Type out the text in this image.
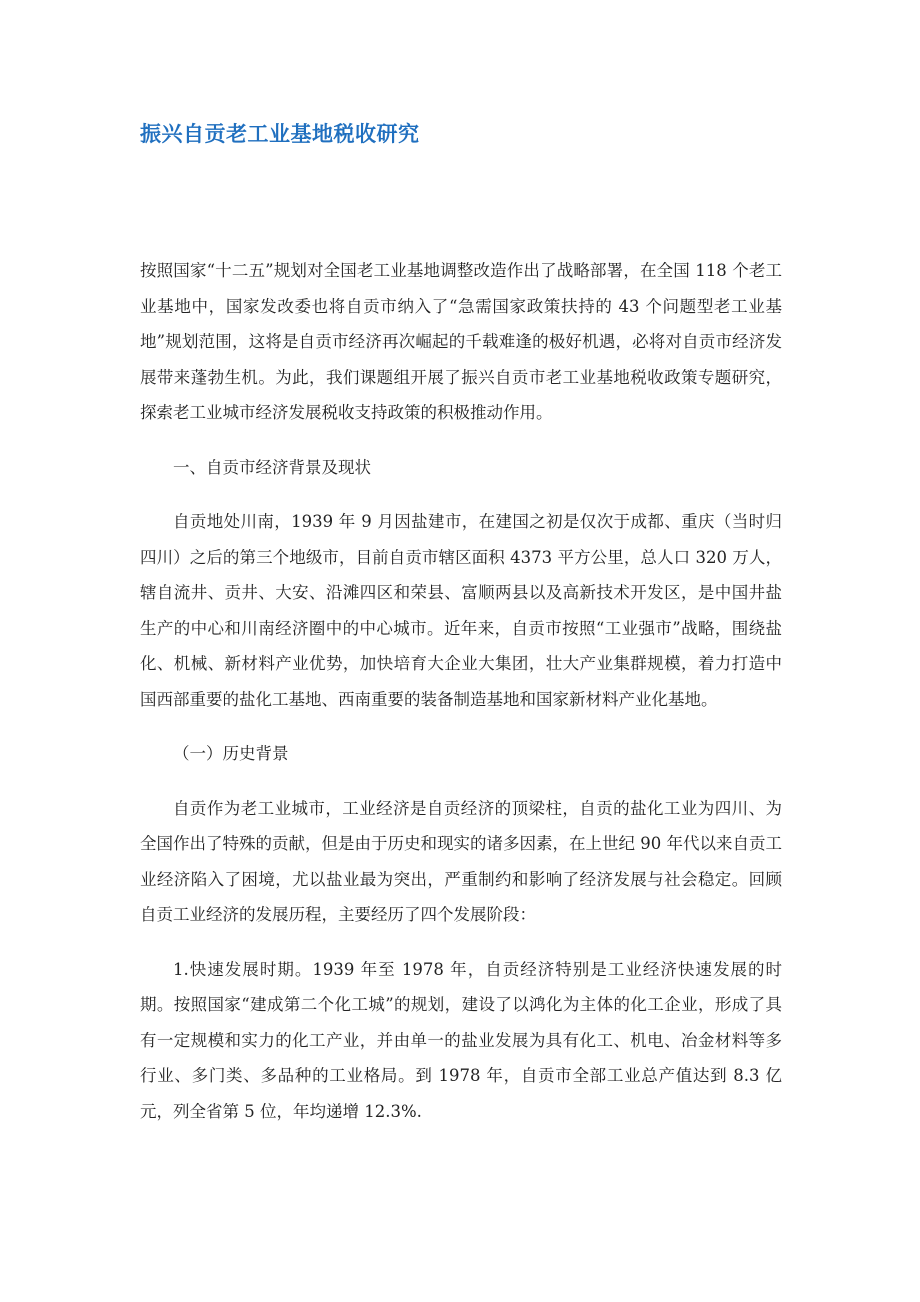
振兴自贡老工业基地税收研究

按照国家“十二五”规划对全国老工业基地调整改造作出了战略部署，在全国 118 个老工业基地中，国家发改委也将自贡市纳入了“急需国家政策扶持的 43 个问题型老工业基地”规划范围，这将是自贡市经济再次崛起的千载难逢的极好机遇，必将对自贡市经济发展带来蓬勃生机。为此，我们课题组开展了振兴自贡市老工业基地税收政策专题研究，探索老工业城市经济发展税收支持政策的积极推动作用。

一、自贡市经济背景及现状

自贡地处川南，1939 年 9 月因盐建市，在建国之初是仅次于成都、重庆（当时归四川）之后的第三个地级市，目前自贡市辖区面积 4373 平方公里，总人口 320 万人，辖自流井、贡井、大安、沿滩四区和荣县、富顺两县以及高新技术开发区，是中国井盐生产的中心和川南经济圈中的中心城市。近年来，自贡市按照“工业强市”战略，围绕盐化、机械、新材料产业优势，加快培育大企业大集团，壮大产业集群规模，着力打造中国西部重要的盐化工基地、西南重要的装备制造基地和国家新材料产业化基地。

（一）历史背景

自贡作为老工业城市，工业经济是自贡经济的顶梁柱，自贡的盐化工业为四川、为全国作出了特殊的贡献，但是由于历史和现实的诸多因素，在上世纪 90 年代以来自贡工业经济陷入了困境，尤以盐业最为突出，严重制约和影响了经济发展与社会稳定。回顾自贡工业经济的发展历程，主要经历了四个发展阶段：

1.快速发展时期。1939 年至 1978 年，自贡经济特别是工业经济快速发展的时期。按照国家“建成第二个化工城”的规划，建设了以鸿化为主体的化工企业，形成了具有一定规模和实力的化工产业，并由单一的盐业发展为具有化工、机电、冶金材料等多行业、多门类、多品种的工业格局。到 1978 年，自贡市全部工业总产值达到 8.3 亿元，列全省第 5 位，年均递增 12.3%.
